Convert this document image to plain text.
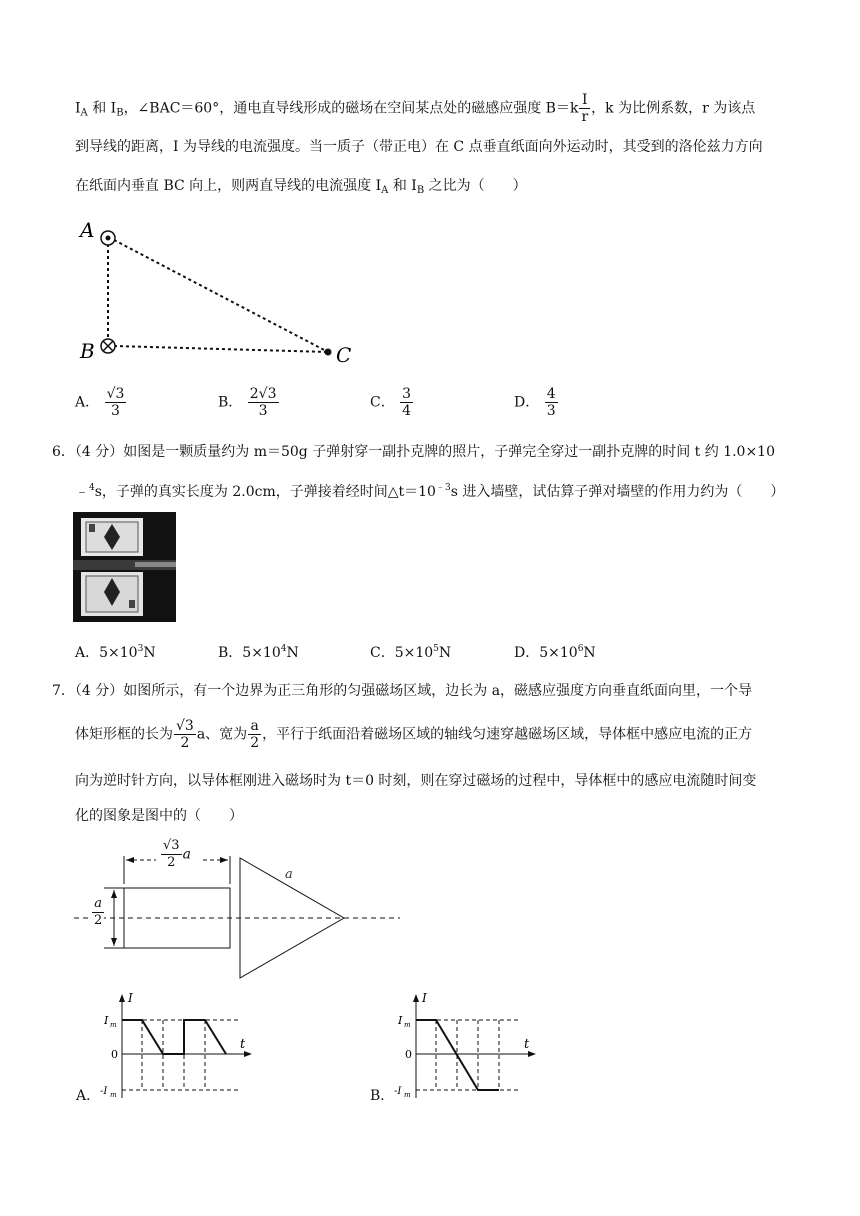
$I_A$ 和 $I_B$，∠BAC＝60°，通电直导线形成的磁场在空间某点处的磁感应强度 $B=k \frac{I}{r}$ ，k 为比例系数，r 为该点
到导线的距离，I 为导线的电流强度。当一质子（带正电）在 C 点垂直纸面向外运动时，其受到的洛伦兹力方向
在纸面内垂直 BC 向上，则两直导线的电流强度 $I_A$ 和 $I_B$ 之比为（　　）
A
B	C
A． $\frac{√3}{3}$	B． $\frac{2√3}{3}$	C． $\frac{3}{4}$	D． $\frac{4}{3}$
6．（4 分）如图是一颗质量约为 m＝50g 子弹射穿一副扑克牌的照片，子弹完全穿过一副扑克牌的时间 t 约 1.0×10
﹣$^4$s，子弹的真实长度为 2.0cm，子弹接着经时间$\triangle t=10^{﹣3}s$ 进入墙壁，试估算子弹对墙壁的作用力约为（　　）
A．$5\times 10^3N$	B．$5\times 10^4N$	C．$5\times 10^5N$	D．$5\times 10^6N$
7．（4 分）如图所示，有一个边界为正三角形的匀强磁场区域，边长为 a，磁感应强度方向垂直纸面向里，一个导
体矩形框的长为 $\frac{√3}{2}$ a、宽为 $\frac{a}{2}$ ，平行于纸面沿着磁场区域的轴线匀速穿越磁场区域，导体框中感应电流的正方
向为逆时针方向，以导体框刚进入磁场时为 t＝0 时刻，则在穿过磁场的过程中，导体框中的感应电流随时间变
化的图象是图中的（　　）
a
$\frac{√3}{2}$ a
$\frac{a}{2}$
A．
I
t
I m
0
-I m	B．
I
t
I m
0
-I m
